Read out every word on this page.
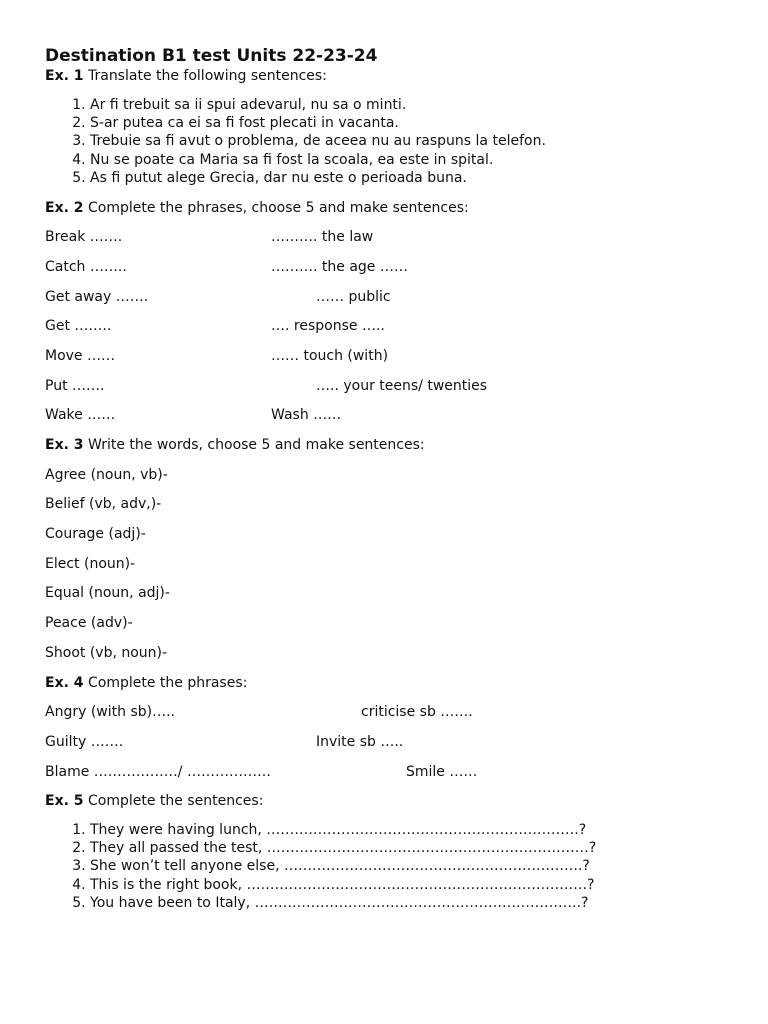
Destination B1 test Units 22-23-24
Ex. 1 Translate the following sentences:
1. Ar fi trebuit sa ii spui adevarul, nu sa o minti.
2. S-ar putea ca ei sa fi fost plecati in vacanta.
3. Trebuie sa fi avut o problema, de aceea nu au raspuns la telefon.
4. Nu se poate ca Maria sa fi fost la scoala, ea este in spital.
5. As fi putut alege Grecia, dar nu este o perioada buna.
Ex. 2 Complete the phrases, choose 5 and make sentences:
Break …….	………. the law
Catch ……..	………. the age ……
Get away …….	…… public
Get ……..	…. response …..
Move ……	…… touch (with)
Put …….	….. your teens/ twenties
Wake ……	Wash ……
Ex. 3 Write the words, choose 5 and make sentences:
Agree (noun, vb)-
Belief (vb, adv,)-
Courage (adj)-
Elect (noun)-
Equal (noun, adj)-
Peace (adv)-
Shoot (vb, noun)-
Ex. 4 Complete the phrases:
Angry (with sb)…..	criticise sb …….
Guilty …….	Invite sb …..
Blame ………………/ ………………	Smile ……
Ex. 5 Complete the sentences:
1. They were having lunch, ………………………………………………………….?
2. They all passed the test, ……………………………………………………………?
3. She won’t tell anyone else, ……………………………………………………….?
4. This is the right book, ……………………………………………………………….?
5. You have been to Italy, …………………………………………………………….?
